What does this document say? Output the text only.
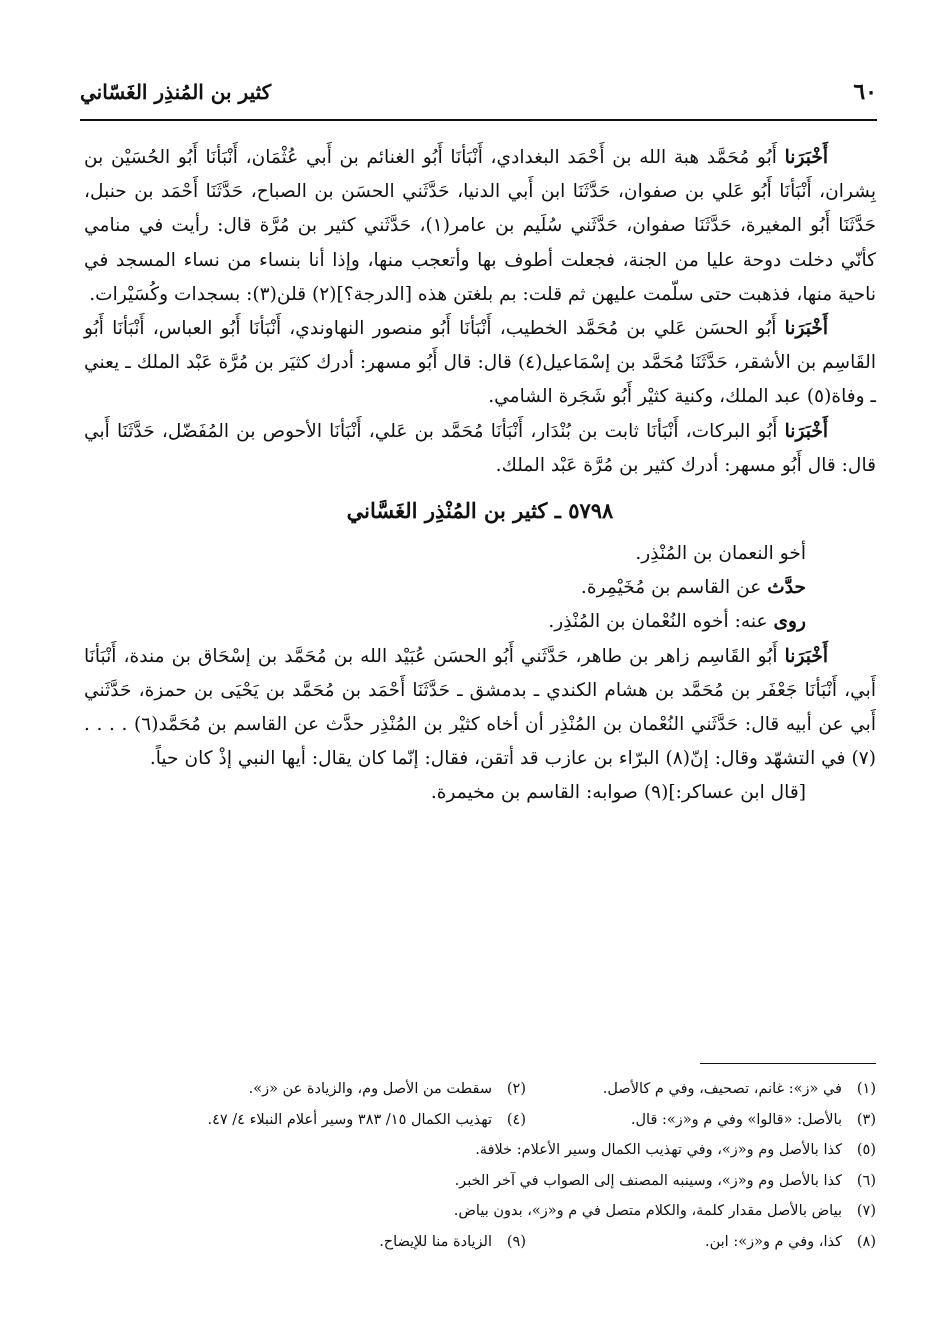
٦٠
كثير بن المُنذِر الغَسّاني

أَخْبَرَنا أَبُو مُحَمَّد هبة الله بن أَحْمَد البغدادي، أَنْبَأنَا أَبُو الغنائم بن أَبي عُثْمَان، أَنْبَأنَا أَبُو الحُسَيْن بن بِشران، أَنْبَأنَا أَبُو عَلي بن صفوان، حَدَّثَنَا ابن أَبي الدنيا، حَدَّثَني الحسَن بن الصباح، حَدَّثَنَا أَحْمَد بن حنبل، حَدَّثَنَا أَبُو المغيرة، حَدَّثَنَا صفوان، حَدَّثَني سُلَيم بن عامر(١)، حَدَّثَني كثير بن مُرَّة قال: رأيت في منامي كأنّي دخلت دوحة عليا من الجنة، فجعلت أطوف بها وأتعجب منها، وإذا أنا بنساء من نساء المسجد في ناحية منها، فذهبت حتى سلّمت عليهن ثم قلت: بم بلغتن هذه [الدرجة؟](٢) قلن(٣): بسجدات وكُسَيْرات.

أَخْبَرَنا أَبُو الحسَن عَلي بن مُحَمَّد الخطيب، أَنْبَأنَا أَبُو منصور النهاوندي، أَنْبَأنَا أَبُو العباس، أَنْبَأنَا أَبُو القَاسِم بن الأشقر، حَدَّثَنَا مُحَمَّد بن إسْمَاعيل(٤) قال: قال أَبُو مسهر: أدرك كثيَر بن مُرَّة عَبْد الملك ـ يعني ـ وفاة(٥) عبد الملك، وكنية كثيْر أَبُو شَجَرة الشامي.

أَخْبَرَنا أَبُو البركات، أَنْبَأنَا ثابت بن بُنْدَار، أَنْبَأنَا مُحَمَّد بن عَلي، أَنْبَأنَا الأحوص بن المُفَضّل، حَدَّثَنَا أَبي قال: قال أَبُو مسهر: أدرك كثير بن مُرَّة عَبْد الملك.

٥٧٩٨ ـ كثير بن المُنْذِر الغَسَّاني

أخو النعمان بن المُنْذِر.

حدَّث عن القاسم بن مُخَيْمِرة.

روى عنه: أخوه النُعْمان بن المُنْذِر.

أَخْبَرَنا أَبُو القَاسِم زاهر بن طاهر، حَدَّثَني أَبُو الحسَن عُبَيْد الله بن مُحَمَّد بن إسْحَاق بن مندة، أَنْبَأنَا أَبي، أَنْبَأنَا جَعْفَر بن مُحَمَّد بن هشام الكندي ـ بدمشق ـ حَدَّثَنَا أَحْمَد بن مُحَمَّد بن يَحْيَى بن حمزة، حَدَّثَني أَبي عن أبيه قال: حَدَّثَني النُعْمان بن المُنْذِر أن أخاه كثيْر بن المُنْذِر حدَّث عن القاسم بن مُحَمَّد(٦) . . . .(٧) في التشهّد وقال: إنّ(٨) البرّاء بن عازب قد أتقن، فقال: إنّما كان يقال: أيها النبي إذْ كان حياً.

[قال ابن عساكر:](٩) صوابه: القاسم بن مخيمرة.

(١)في «ز»: غانم، تصحيف، وفي م كالأصل.
(٢)سقطت من الأصل وم، والزيادة عن «ز».
(٣)بالأصل: «قالوا» وفي م و«ز»: قال.
(٤)تهذيب الكمال ١٥/ ٣٨٣ وسير أعلام النبلاء ٤/ ٤٧.
(٥)كذا بالأصل وم و«ز»، وفي تهذيب الكمال وسير الأعلام: خلافة.
(٦)كذا بالأصل وم و«ز»، وسينبه المصنف إلى الصواب في آخر الخبر.
(٧)بياض بالأصل مقدار كلمة، والكلام متصل في م و«ز»، بدون بياض.
(٨)كذا، وفي م و«ز»: ابن.
(٩)الزيادة منا للإيضاح.
